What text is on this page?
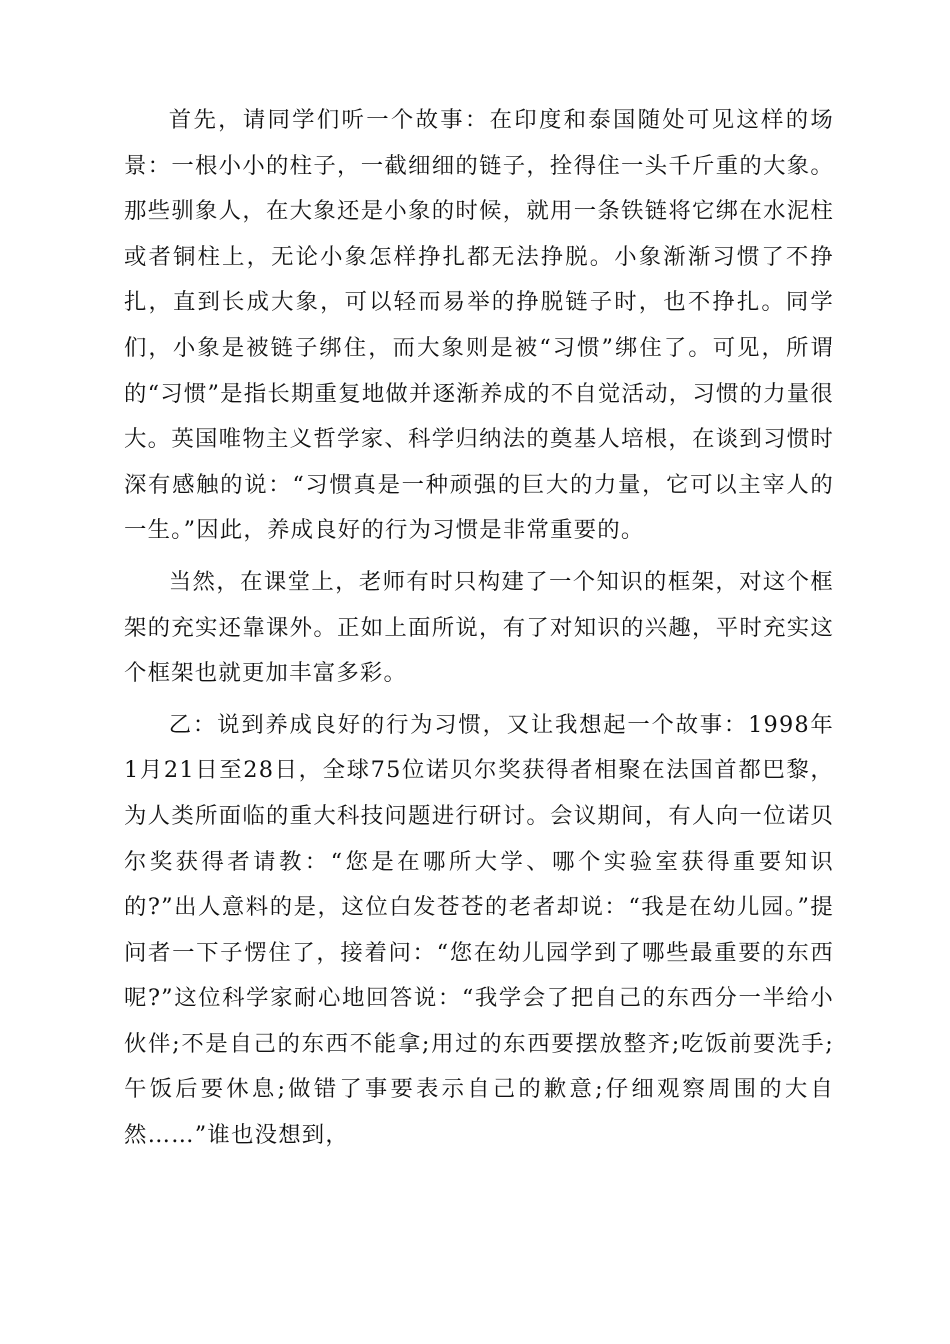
首先，请同学们听一个故事：在印度和泰国随处可见这样的场景：一根小小的柱子，一截细细的链子，拴得住一头千斤重的大象。那些驯象人，在大象还是小象的时候，就用一条铁链将它绑在水泥柱或者铜柱上，无论小象怎样挣扎都无法挣脱。小象渐渐习惯了不挣扎，直到长成大象，可以轻而易举的挣脱链子时，也不挣扎。同学们，小象是被链子绑住，而大象则是被“习惯”绑住了。可见，所谓的“习惯”是指长期重复地做并逐渐养成的不自觉活动，习惯的力量很大。英国唯物主义哲学家、科学归纳法的奠基人培根，在谈到习惯时深有感触的说：“习惯真是一种顽强的巨大的力量，它可以主宰人的一生。”因此，养成良好的行为习惯是非常重要的。

当然，在课堂上，老师有时只构建了一个知识的框架，对这个框架的充实还靠课外。正如上面所说，有了对知识的兴趣，平时充实这个框架也就更加丰富多彩。

乙：说到养成良好的行为习惯，又让我想起一个故事：1998年1月21日至28日，全球75位诺贝尔奖获得者相聚在法国首都巴黎，为人类所面临的重大科技问题进行研讨。会议期间，有人向一位诺贝尔奖获得者请教：“您是在哪所大学、哪个实验室获得重要知识的?”出人意料的是，这位白发苍苍的老者却说：“我是在幼儿园。”提问者一下子愣住了，接着问：“您在幼儿园学到了哪些最重要的东西呢?”这位科学家耐心地回答说：“我学会了把自己的东西分一半给小伙伴;不是自己的东西不能拿;用过的东西要摆放整齐;吃饭前要洗手;午饭后要休息;做错了事要表示自己的歉意;仔细观察周围的大自然……”谁也没想到，
